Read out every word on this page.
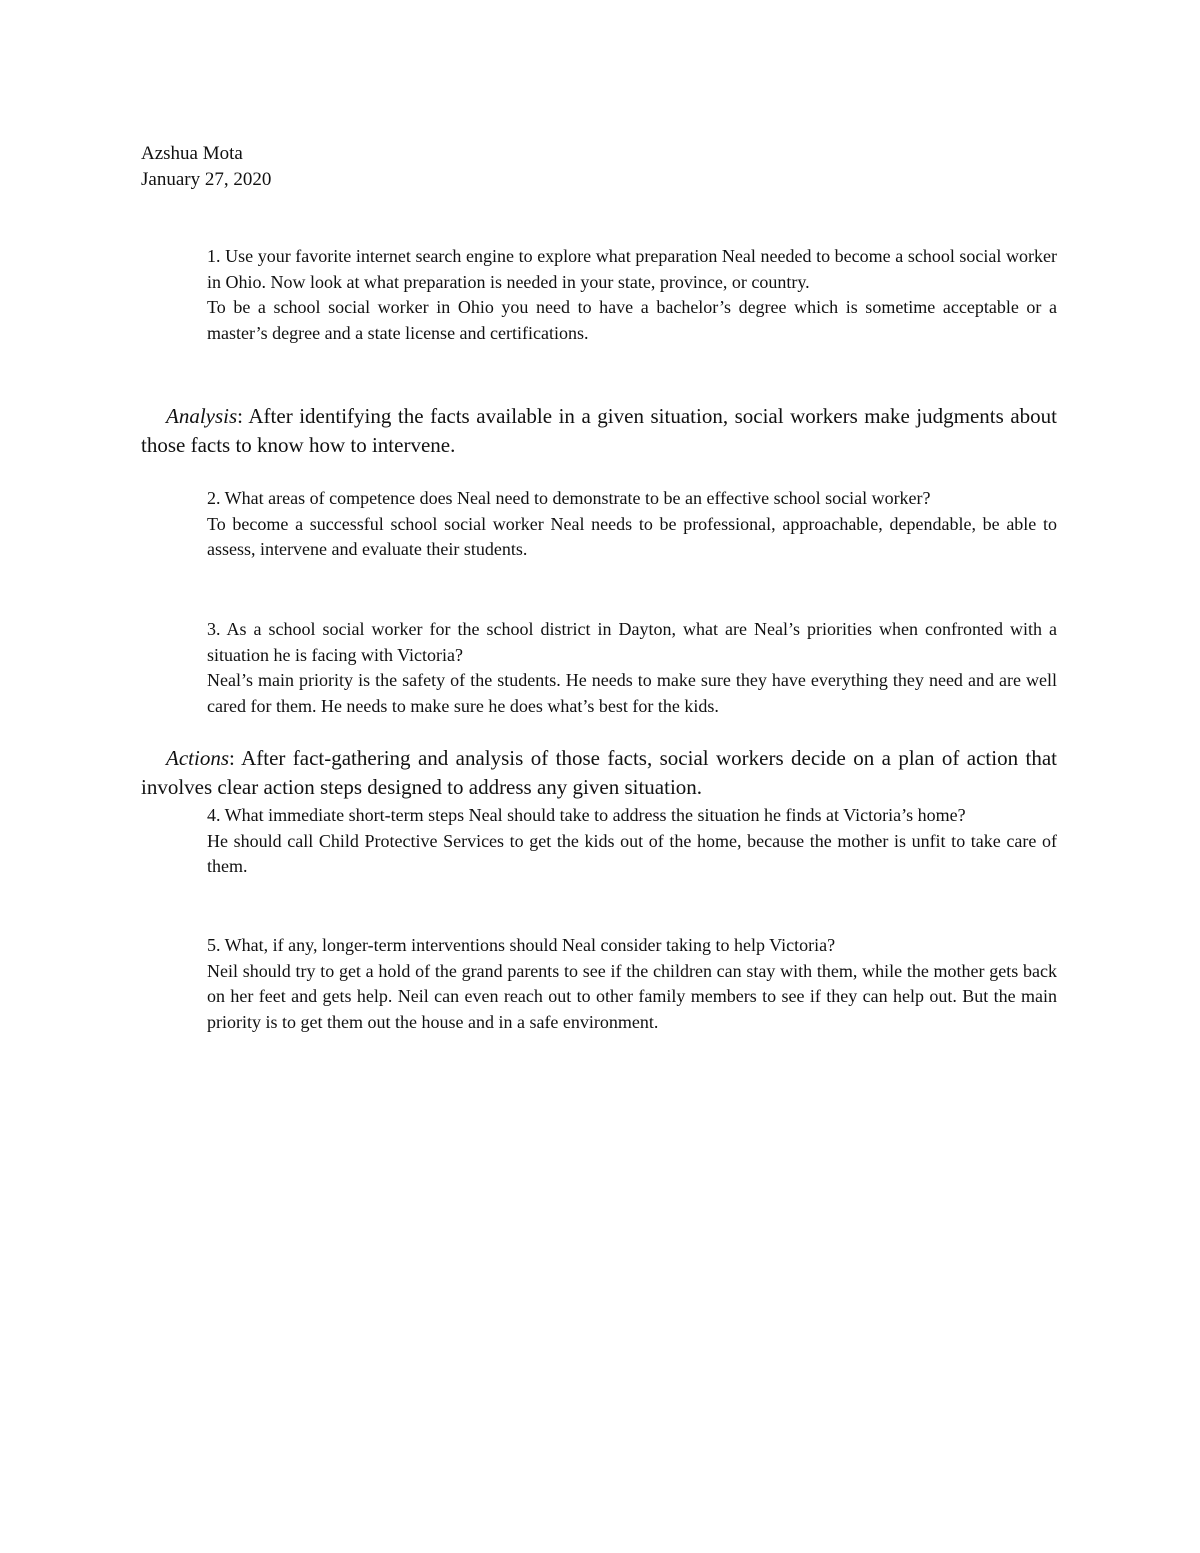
Azshua Mota
January 27, 2020

1. Use your favorite internet search engine to explore what preparation Neal needed to become a school social worker in Ohio. Now look at what preparation is needed in your state, province, or country.

To be a school social worker in Ohio you need to have a bachelor’s degree which is sometime acceptable or a master’s degree and a state license and certifications.

Analysis: After identifying the facts available in a given situation, social workers make judgments about those facts to know how to intervene.

2. What areas of competence does Neal need to demonstrate to be an effective school social worker?

To become a successful school social worker Neal needs to be professional, approachable, dependable, be able to assess, intervene and evaluate their students.

3. As a school social worker for the school district in Dayton, what are Neal’s priorities when confronted with a situation he is facing with Victoria?

Neal’s main priority is the safety of the students. He needs to make sure they have everything they need and are well cared for them. He needs to make sure he does what’s best for the kids.

Actions: After fact-gathering and analysis of those facts, social workers decide on a plan of action that involves clear action steps designed to address any given situation.

4. What immediate short-term steps Neal should take to address the situation he finds at Victoria’s home?

He should call Child Protective Services to get the kids out of the home, because the mother is unfit to take care of them.

5. What, if any, longer-term interventions should Neal consider taking to help Victoria?

Neil should try to get a hold of the grand parents to see if the children can stay with them, while the mother gets back on her feet and gets help. Neil can even reach out to other family members to see if they can help out. But the main priority is to get them out the house and in a safe environment.
